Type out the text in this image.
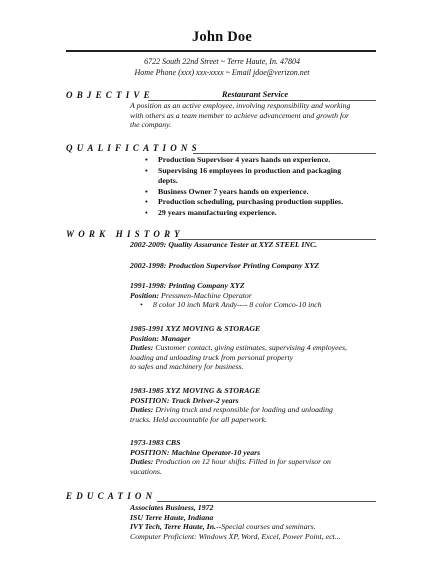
John Doe
6722 South 22nd Street ~ Terre Haute, In. 47804
Home Phone (xxx) xxx-xxxx ~ Email jdoe@verizon.net
OBJECTIVE	Restaurant Service
A position as an active employee, involving responsibility and working
with others as a team member to achieve advancement and growth for
the company.
QUALIFICATIONS
• Production Supervisor 4 years hands on experience.
• Supervising 16 employees in production and packaging
depts.
• Business Owner 7 years hands on experience.
• Production scheduling, purchasing production supplies.
• 29 years manufacturing experience.
WORK HISTORY
2002-2009: Quality Assurance Tester at XYZ STEEL INC.
2002-1998: Production Supervisor Printing Company XYZ
1991-1998: Printing Company XYZ
Position: Pressmen-Machine Operator
• 8 color 10 inch Mark Andy---- 8 color Comco-10 inch
1985-1991 XYZ MOVING & STORAGE
Position: Manager
Duties: Customer contact, giving estimates, supervising 4 employees,
loading and unloading truck from personal property
to safes and machinery for business.
1983-1985 XYZ MOVING & STORAGE
POSITION: Truck Driver-2 years
Duties: Driving truck and responsible for loading and unloading
trucks. Held accountable for all paperwork.
1973-1983 CBS
POSITION: Machine Operator-10 years
Duties: Production on 12 hour shifts. Filled in for supervisor on
vacations.
EDUCATION
Associates Business, 1972
ISU Terre Haute, Indiana
IVY Tech, Terre Haute, In.--Special courses and seminars.
Computer Proficient: Windows XP, Word, Excel, Power Point, ect...
